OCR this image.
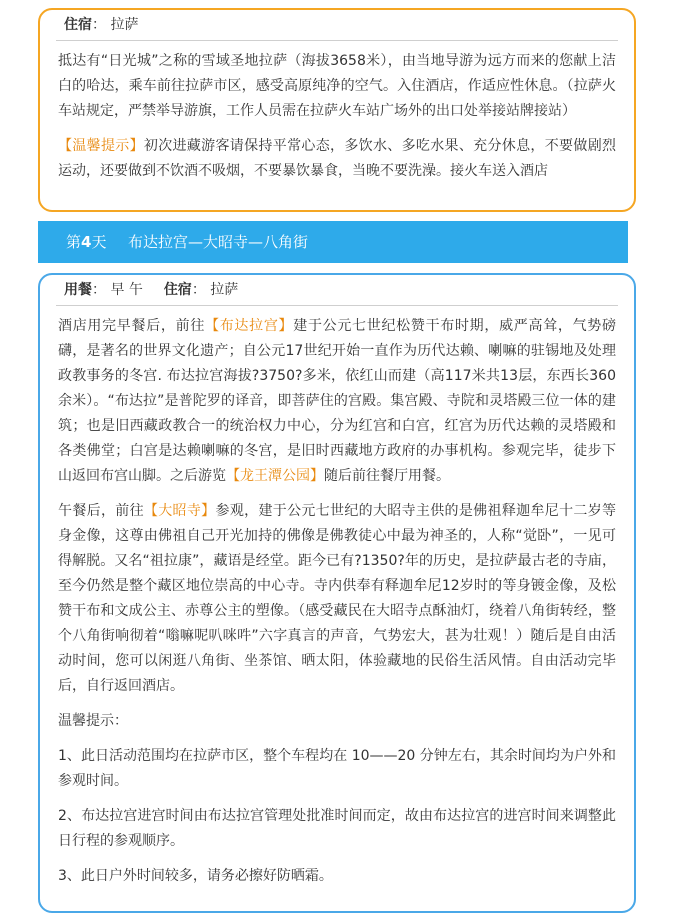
住宿： 拉萨

抵达有“日光城”之称的雪域圣地拉萨（海拔3658米），由当地导游为远方而来的您献上洁白的哈达，乘车前往拉萨市区，感受高原纯净的空气。入住酒店，作适应性休息。（拉萨火车站规定，严禁举导游旗，工作人员需在拉萨火车站广场外的出口处举接站牌接站）

【温馨提示】初次进藏游客请保持平常心态，多饮水、多吃水果、充分休息，不要做剧烈运动，还要做到不饮酒不吸烟，不要暴饮暴食，当晚不要洗澡。接火车送入酒店

第4天 布达拉宫—大昭寺—八角街
用餐： 早 午 住宿： 拉萨

酒店用完早餐后，前往【布达拉宫】建于公元七世纪松赞干布时期，威严高耸，气势磅礴，是著名的世界文化遗产；自公元17世纪开始一直作为历代达赖、喇嘛的驻锡地及处理政教事务的冬宫. 布达拉宫海拔?3750?多米，依红山而建（高117米共13层，东西长360余米）。“布达拉”是普陀罗的译音，即菩萨住的宫殿。集宫殿、寺院和灵塔殿三位一体的建筑；也是旧西藏政教合一的统治权力中心，分为红宫和白宫，红宫为历代达赖的灵塔殿和各类佛堂；白宫是达赖喇嘛的冬宫，是旧时西藏地方政府的办事机构。参观完毕，徒步下山返回布宫山脚。之后游览【龙王潭公园】随后前往餐厅用餐。

午餐后，前往【大昭寺】参观，建于公元七世纪的大昭寺主供的是佛祖释迦牟尼十二岁等身金像，这尊由佛祖自己开光加持的佛像是佛教徒心中最为神圣的，人称“觉卧”，一见可得解脱。又名“祖拉康”，藏语是经堂。距今已有?1350?年的历史，是拉萨最古老的寺庙，至今仍然是整个藏区地位崇高的中心寺。寺内供奉有释迦牟尼12岁时的等身镀金像，及松赞干布和文成公主、赤尊公主的塑像。（感受藏民在大昭寺点酥油灯，绕着八角街转经，整个八角街响彻着“嗡嘛呢叭咪吽”六字真言的声音，气势宏大，甚为壮观！）随后是自由活动时间，您可以闲逛八角街、坐茶馆、晒太阳，体验藏地的民俗生活风情。自由活动完毕后，自行返回酒店。

温馨提示：

1、此日活动范围均在拉萨市区，整个车程均在 10——20 分钟左右，其余时间均为户外和参观时间。

2、布达拉宫进宫时间由布达拉宫管理处批准时间而定，故由布达拉宫的进宫时间来调整此日行程的参观顺序。

3、此日户外时间较多，请务必擦好防晒霜。
